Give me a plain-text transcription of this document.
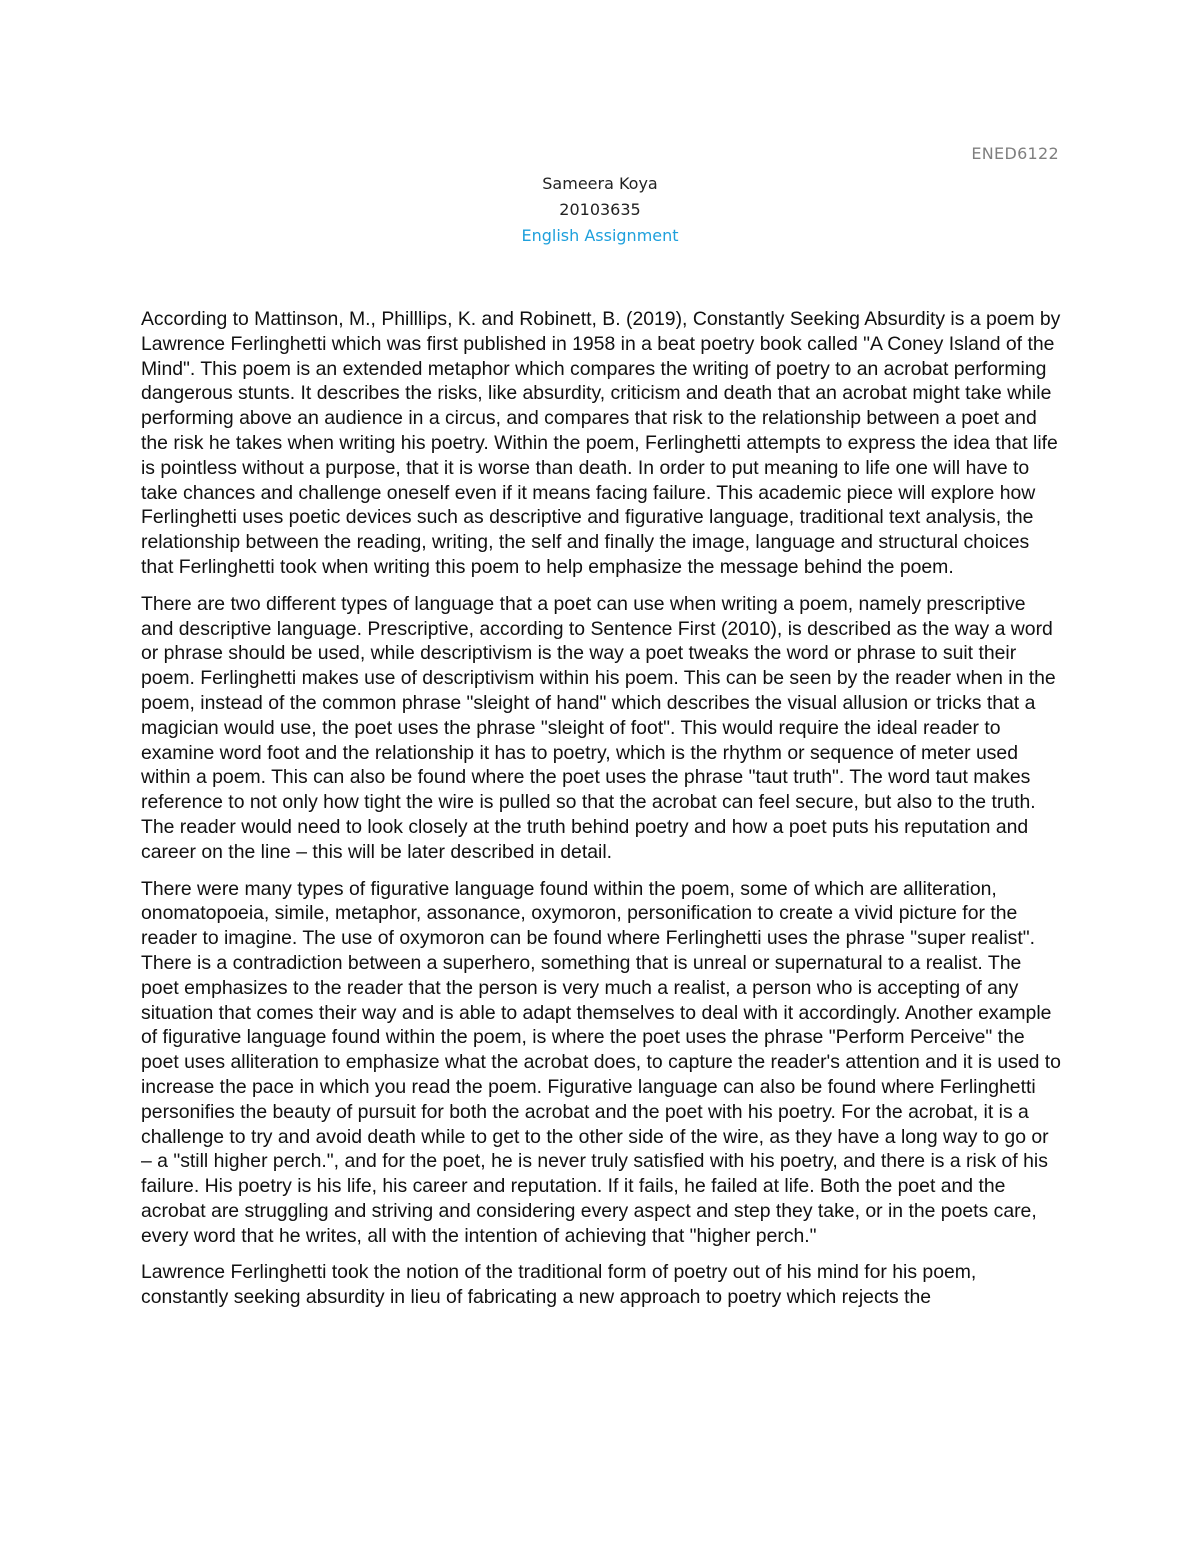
ENED6122
Sameera Koya
20103635
English Assignment

According to Mattinson, M., Philllips, K. and Robinett, B. (2019), Constantly Seeking Absurdity is a poem by Lawrence Ferlinghetti which was first published in 1958 in a beat poetry book called "A Coney Island of the Mind". This poem is an extended metaphor which compares the writing of poetry to an acrobat performing dangerous stunts. It describes the risks, like absurdity, criticism and death that an acrobat might take while performing above an audience in a circus, and compares that risk to the relationship between a poet and the risk he takes when writing his poetry. Within the poem, Ferlinghetti attempts to express the idea that life is pointless without a purpose, that it is worse than death. In order to put meaning to life one will have to take chances and challenge oneself even if it means facing failure. This academic piece will explore how Ferlinghetti uses poetic devices such as descriptive and figurative language, traditional text analysis, the relationship between the reading, writing, the self and finally the image, language and structural choices that Ferlinghetti took when writing this poem to help emphasize the message behind the poem.

There are two different types of language that a poet can use when writing a poem, namely prescriptive and descriptive language. Prescriptive, according to Sentence First (2010), is described as the way a word or phrase should be used, while descriptivism is the way a poet tweaks the word or phrase to suit their poem. Ferlinghetti makes use of descriptivism within his poem. This can be seen by the reader when in the poem, instead of the common phrase "sleight of hand" which describes the visual allusion or tricks that a magician would use, the poet uses the phrase "sleight of foot". This would require the ideal reader to examine word foot and the relationship it has to poetry, which is the rhythm or sequence of meter used within a poem. This can also be found where the poet uses the phrase "taut truth". The word taut makes reference to not only how tight the wire is pulled so that the acrobat can feel secure, but also to the truth. The reader would need to look closely at the truth behind poetry and how a poet puts his reputation and career on the line – this will be later described in detail.

There were many types of figurative language found within the poem, some of which are alliteration, onomatopoeia, simile, metaphor, assonance, oxymoron, personification to create a vivid picture for the reader to imagine. The use of oxymoron can be found where Ferlinghetti uses the phrase "super realist". There is a contradiction between a superhero, something that is unreal or supernatural to a realist. The poet emphasizes to the reader that the person is very much a realist, a person who is accepting of any situation that comes their way and is able to adapt themselves to deal with it accordingly. Another example of figurative language found within the poem, is where the poet uses the phrase "Perform Perceive" the poet uses alliteration to emphasize what the acrobat does, to capture the reader's attention and it is used to increase the pace in which you read the poem. Figurative language can also be found where Ferlinghetti personifies the beauty of pursuit for both the acrobat and the poet with his poetry. For the acrobat, it is a challenge to try and avoid death while to get to the other side of the wire, as they have a long way to go or – a "still higher perch.", and for the poet, he is never truly satisfied with his poetry, and there is a risk of his failure. His poetry is his life, his career and reputation. If it fails, he failed at life. Both the poet and the acrobat are struggling and striving and considering every aspect and step they take, or in the poets care, every word that he writes, all with the intention of achieving that "higher perch."

Lawrence Ferlinghetti took the notion of the traditional form of poetry out of his mind for his poem, constantly seeking absurdity in lieu of fabricating a new approach to poetry which rejects the
